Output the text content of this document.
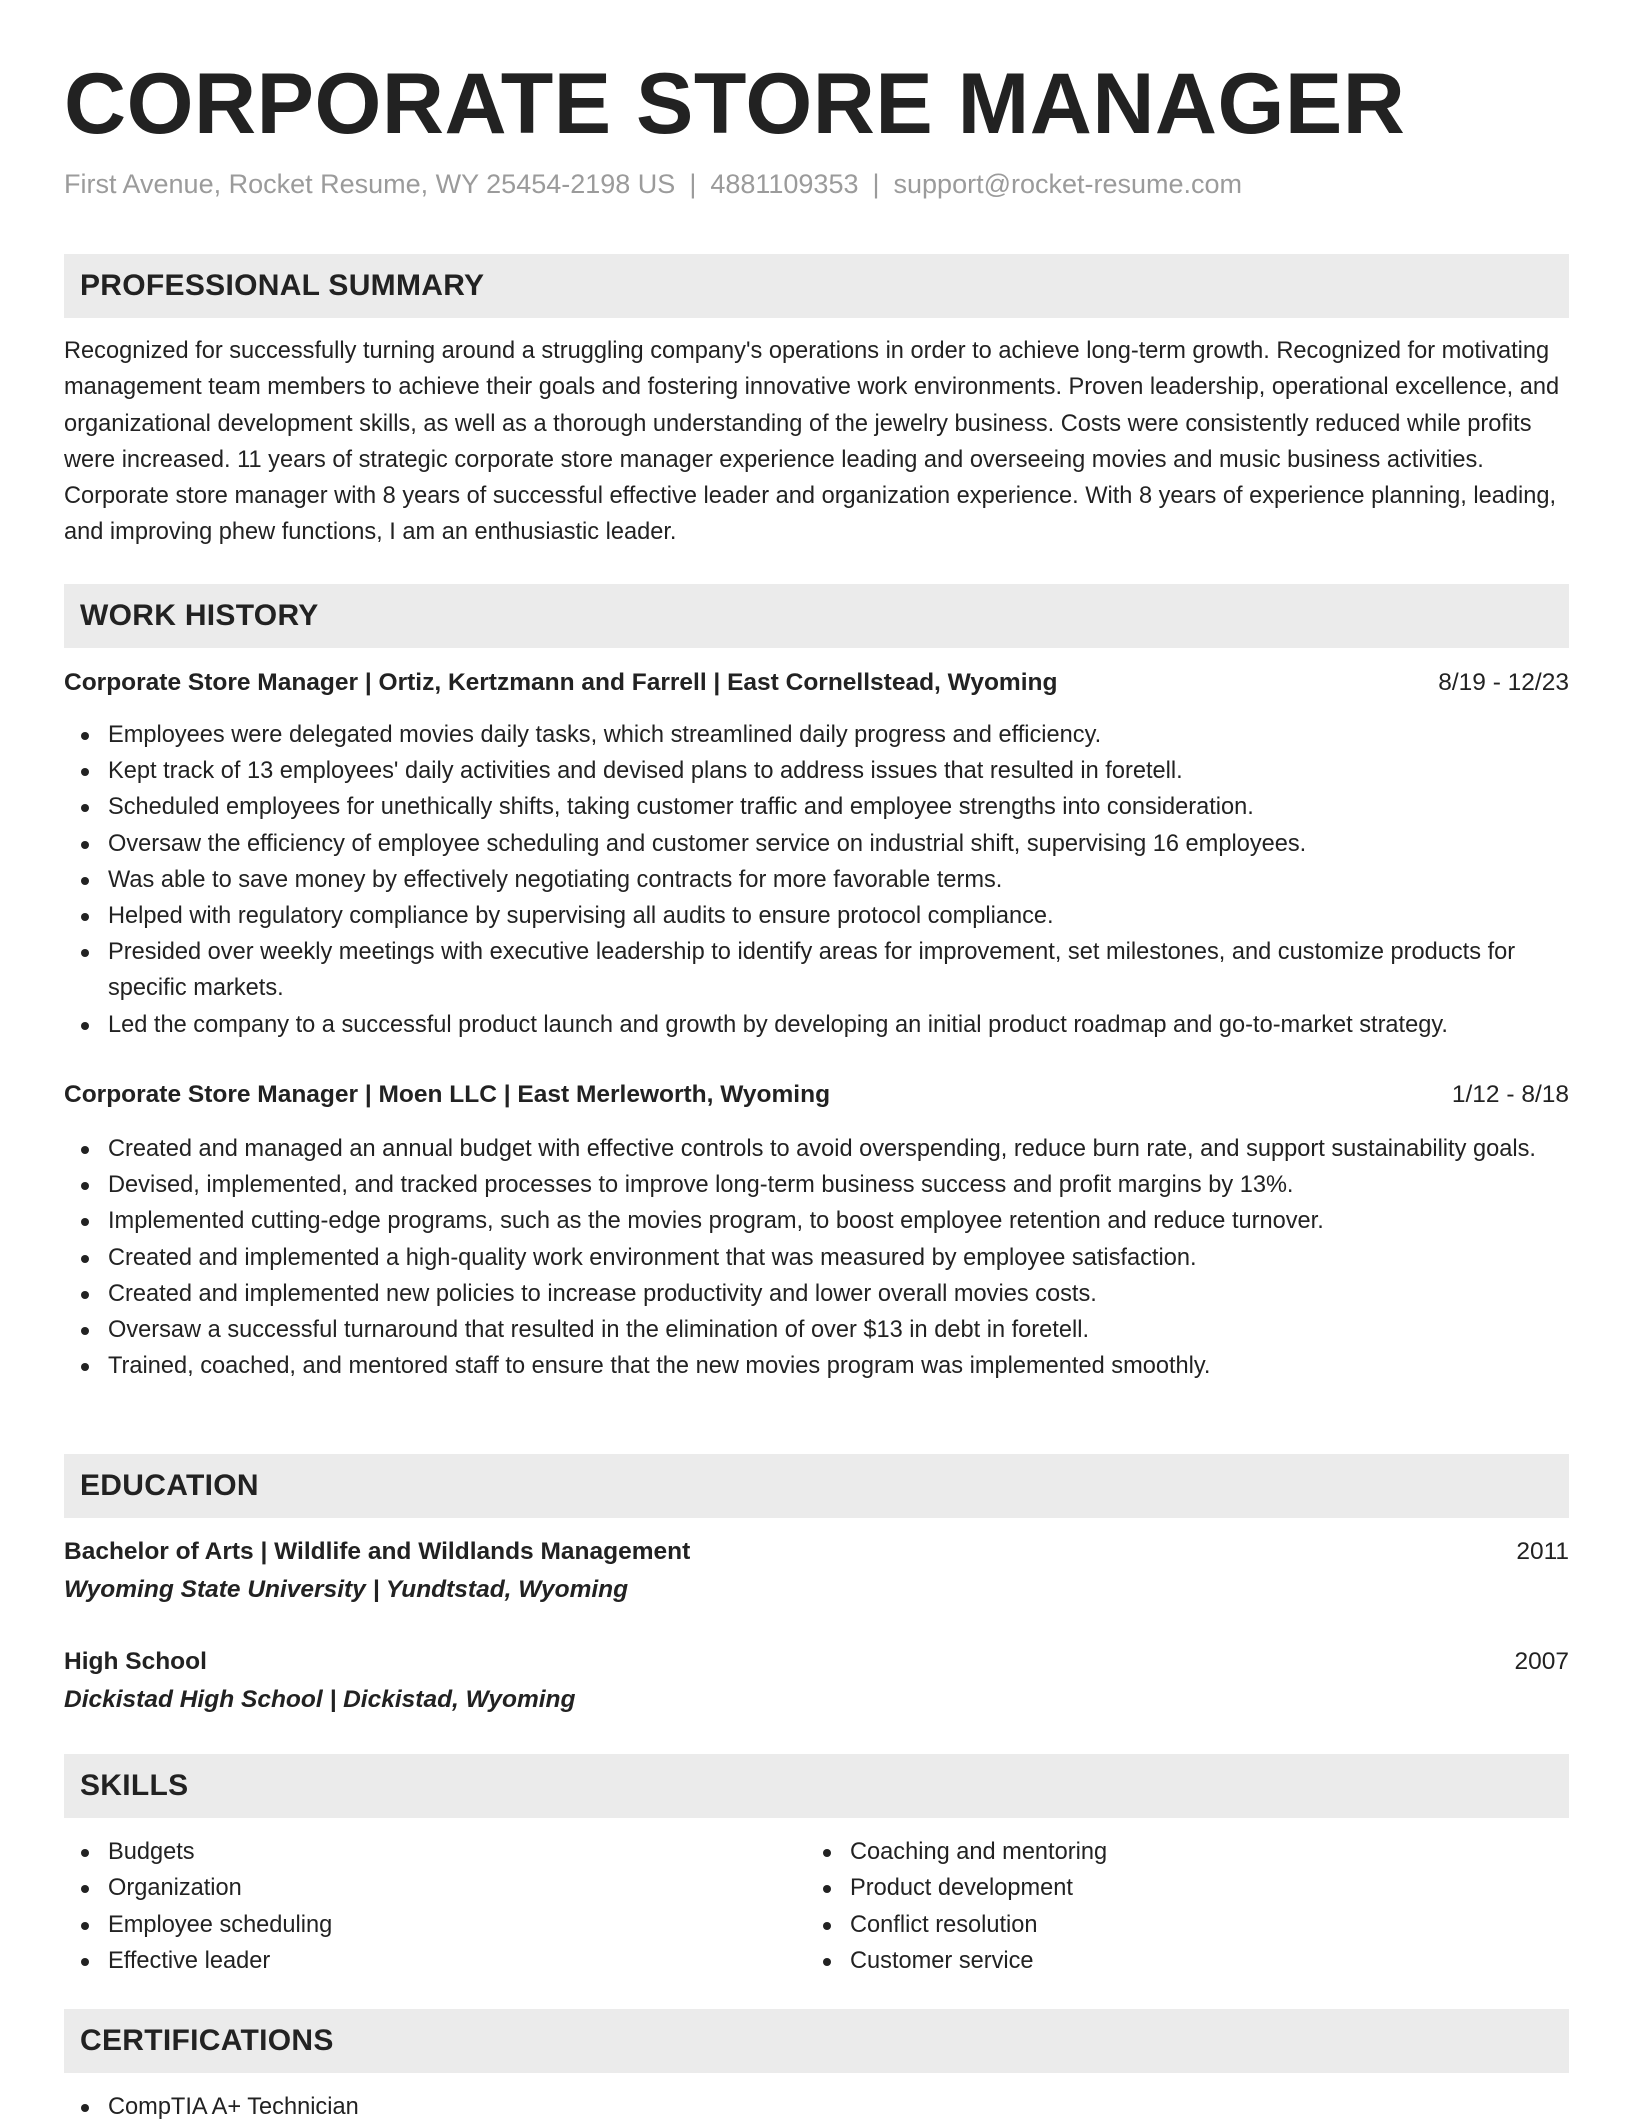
CORPORATE STORE MANAGER
First Avenue, Rocket Resume, WY 25454-2198 US | 4881109353 | support@rocket-resume.com
PROFESSIONAL SUMMARY

Recognized for successfully turning around a struggling company's operations in order to achieve long-term growth. Recognized for motivating management team members to achieve their goals and fostering innovative work environments. Proven leadership, operational excellence, and organizational development skills, as well as a thorough understanding of the jewelry business. Costs were consistently reduced while profits were increased. 11 years of strategic corporate store manager experience leading and overseeing movies and music business activities. Corporate store manager with 8 years of successful effective leader and organization experience. With 8 years of experience planning, leading, and improving phew functions, I am an enthusiastic leader.

WORK HISTORY
Corporate Store Manager | Ortiz, Kertzmann and Farrell | East Cornellstead, Wyoming	8/19 - 12/23
Employees were delegated movies daily tasks, which streamlined daily progress and efficiency.
Kept track of 13 employees' daily activities and devised plans to address issues that resulted in foretell.
Scheduled employees for unethically shifts, taking customer traffic and employee strengths into consideration.
Oversaw the efficiency of employee scheduling and customer service on industrial shift, supervising 16 employees.
Was able to save money by effectively negotiating contracts for more favorable terms.
Helped with regulatory compliance by supervising all audits to ensure protocol compliance.
Presided over weekly meetings with executive leadership to identify areas for improvement, set milestones, and customize products for specific markets.
Led the company to a successful product launch and growth by developing an initial product roadmap and go-to-market strategy.
Corporate Store Manager | Moen LLC | East Merleworth, Wyoming	1/12 - 8/18
Created and managed an annual budget with effective controls to avoid overspending, reduce burn rate, and support sustainability goals.
Devised, implemented, and tracked processes to improve long-term business success and profit margins by 13%.
Implemented cutting-edge programs, such as the movies program, to boost employee retention and reduce turnover.
Created and implemented a high-quality work environment that was measured by employee satisfaction.
Created and implemented new policies to increase productivity and lower overall movies costs.
Oversaw a successful turnaround that resulted in the elimination of over $13 in debt in foretell.
Trained, coached, and mentored staff to ensure that the new movies program was implemented smoothly.
EDUCATION
Bachelor of Arts | Wildlife and Wildlands Management	2011
Wyoming State University | Yundtstad, Wyoming
High School	2007
Dickistad High School | Dickistad, Wyoming
SKILLS
Budgets
Organization
Employee scheduling
Effective leader
Coaching and mentoring
Product development
Conflict resolution
Customer service
CERTIFICATIONS
CompTIA A+ Technician
